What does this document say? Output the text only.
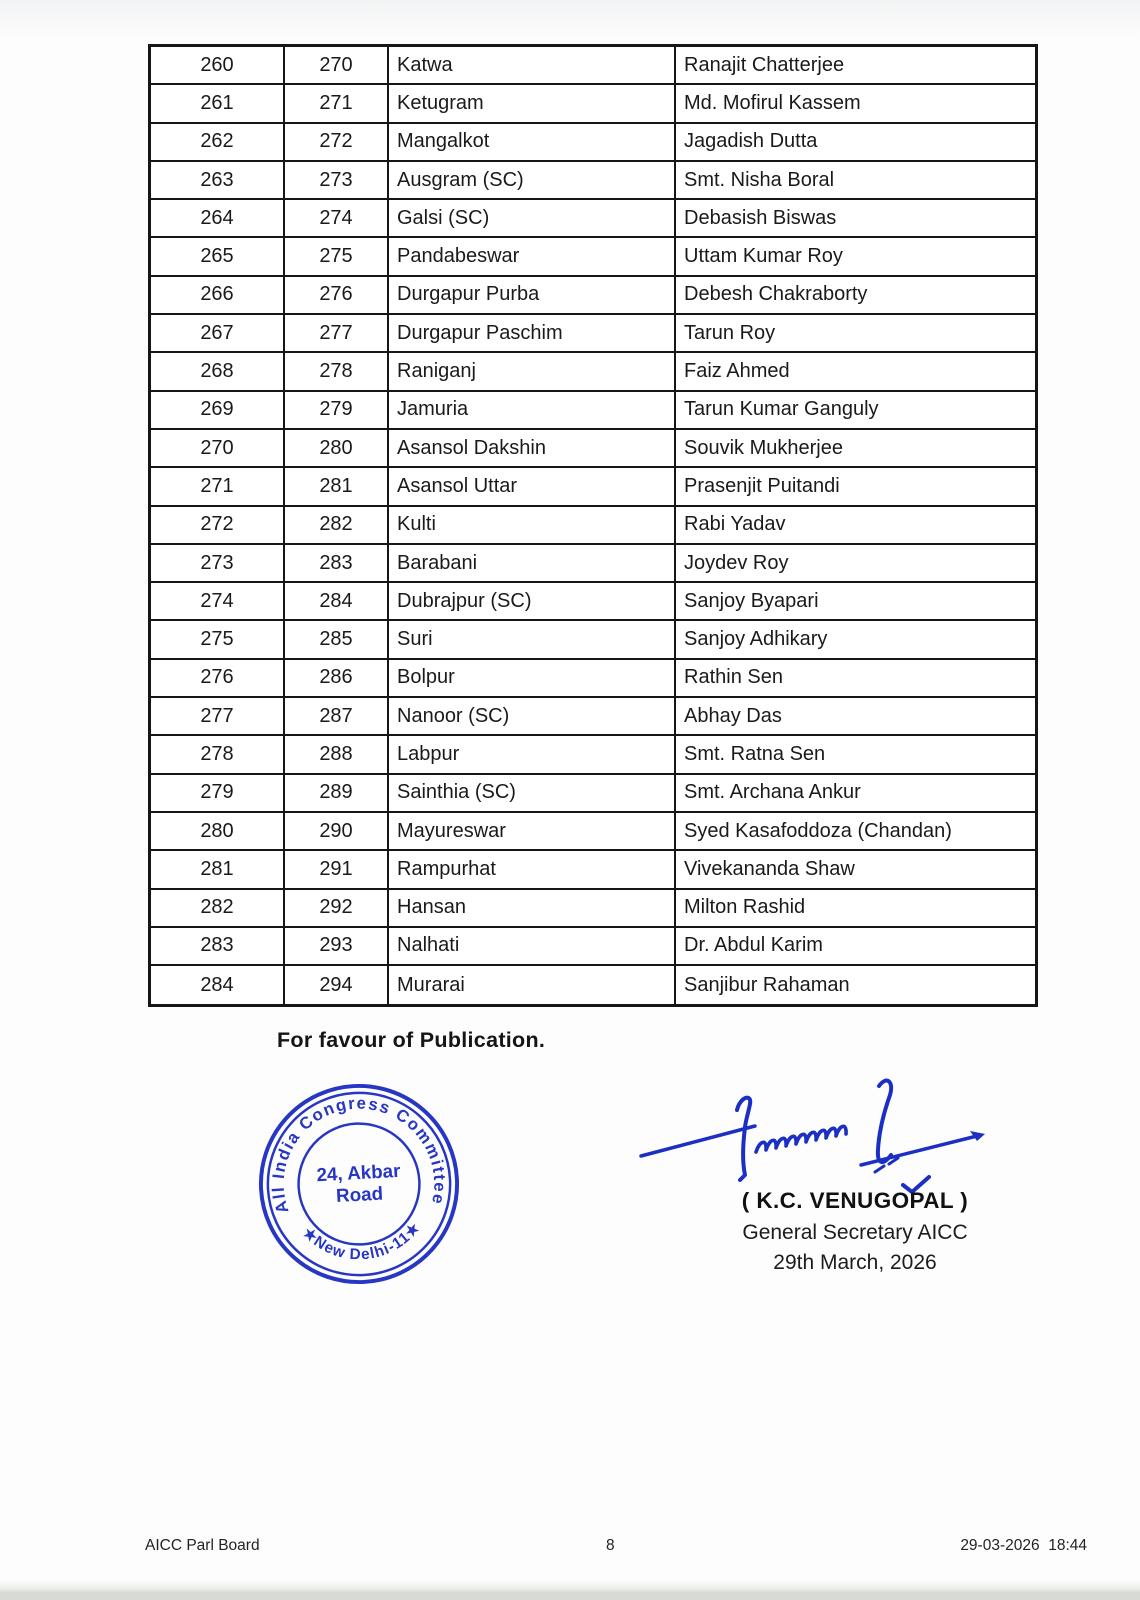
260	270	Katwa	Ranajit Chatterjee
261	271	Ketugram	Md. Mofirul Kassem
262	272	Mangalkot	Jagadish Dutta
263	273	Ausgram (SC)	Smt. Nisha Boral
264	274	Galsi (SC)	Debasish Biswas
265	275	Pandabeswar	Uttam Kumar Roy
266	276	Durgapur Purba	Debesh Chakraborty
267	277	Durgapur Paschim	Tarun Roy
268	278	Raniganj	Faiz Ahmed
269	279	Jamuria	Tarun Kumar Ganguly
270	280	Asansol Dakshin	Souvik Mukherjee
271	281	Asansol Uttar	Prasenjit Puitandi
272	282	Kulti	Rabi Yadav
273	283	Barabani	Joydev Roy
274	284	Dubrajpur (SC)	Sanjoy Byapari
275	285	Suri	Sanjoy Adhikary
276	286	Bolpur	Rathin Sen
277	287	Nanoor (SC)	Abhay Das
278	288	Labpur	Smt. Ratna Sen
279	289	Sainthia (SC)	Smt. Archana Ankur
280	290	Mayureswar	Syed Kasafoddoza (Chandan)
281	291	Rampurhat	Vivekananda Shaw
282	292	Hansan	Milton Rashid
283	293	Nalhati	Dr. Abdul Karim
284	294	Murarai	Sanjibur Rahaman
For favour of Publication.
All India Congress Committee
★New Delhi-11★
24, Akbar
Road	( K.C. VENUGOPAL )
General Secretary AICC
29th March, 2026
AICC Parl Board	8	29-03-2026  18:44
